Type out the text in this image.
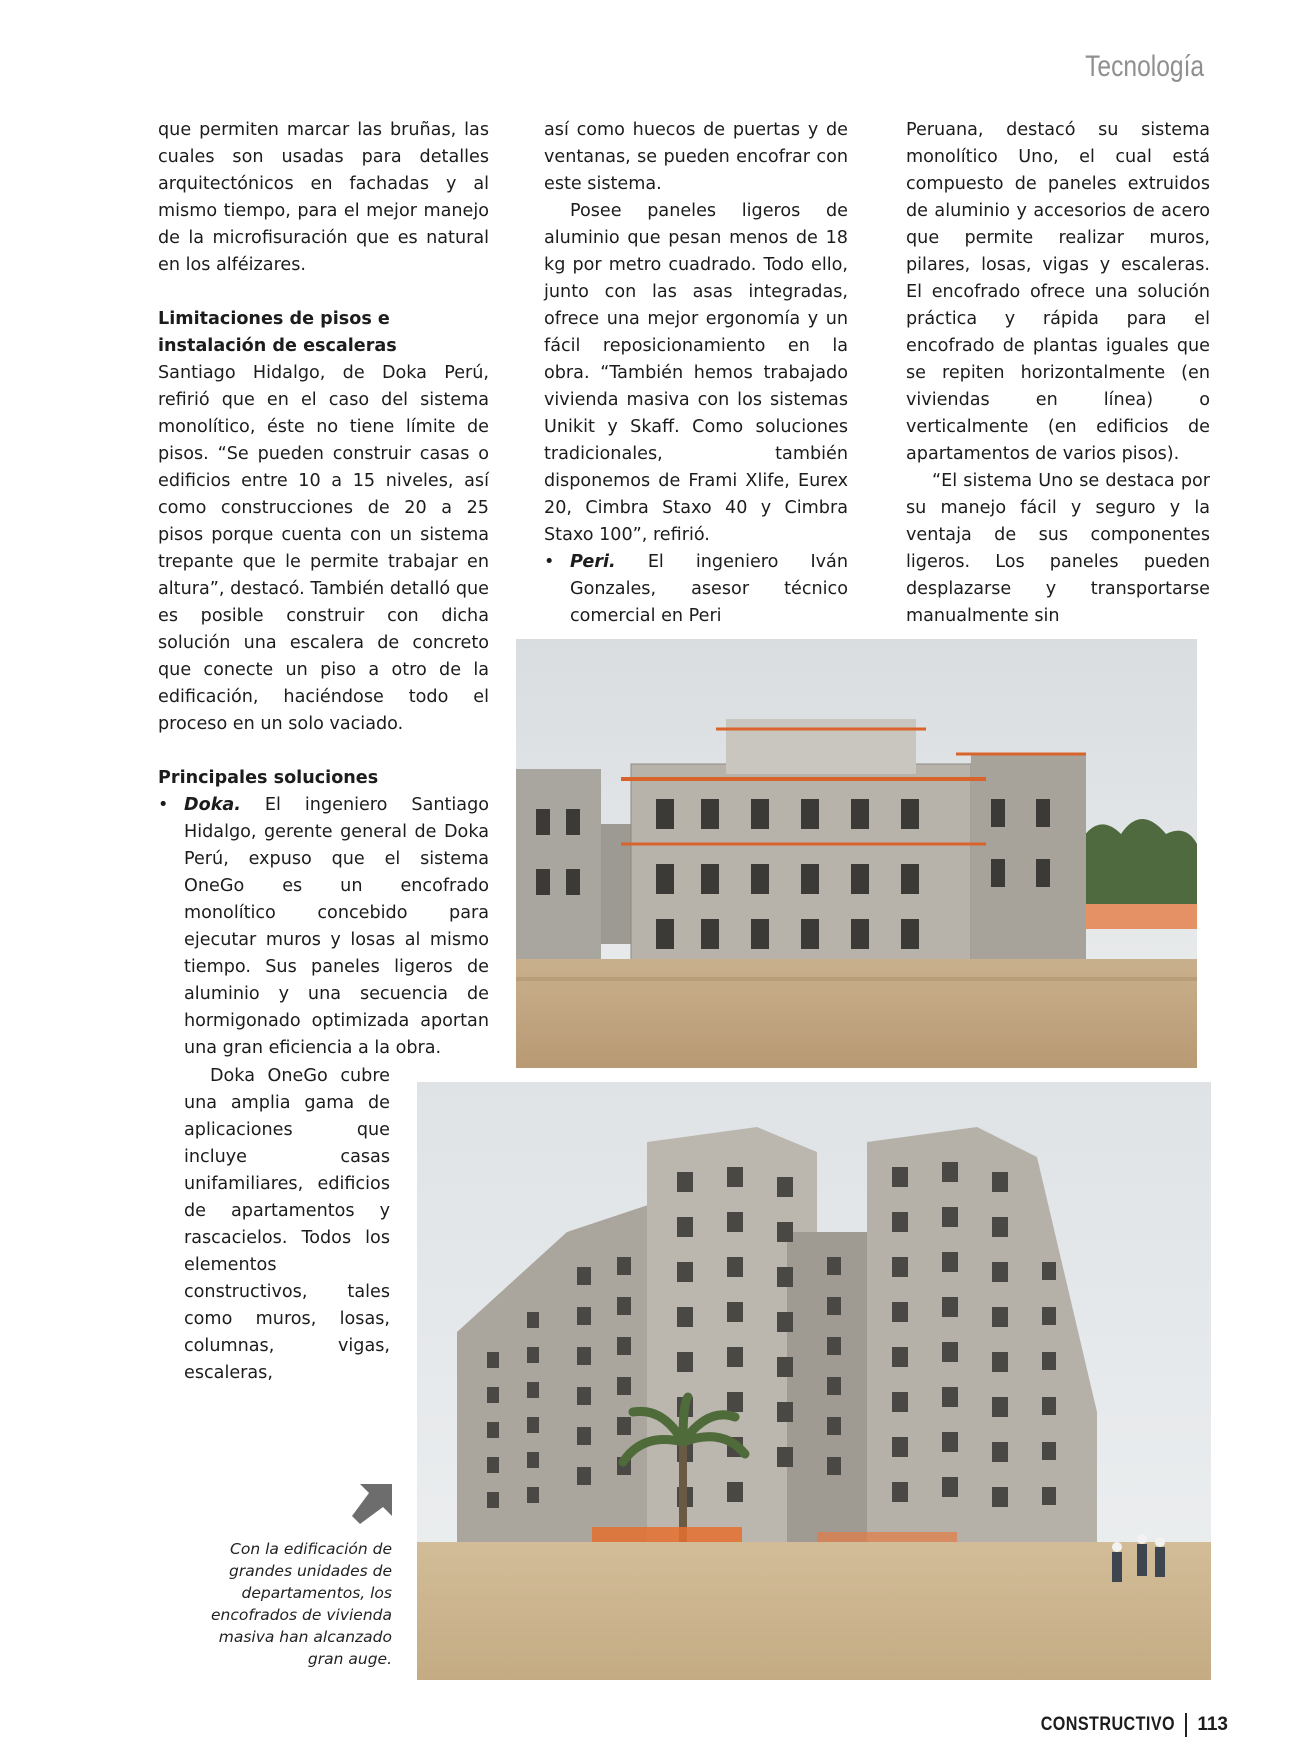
Tecnología

que permiten marcar las bruñas, las cuales son usadas para detalles arquitectónicos en fachadas y al mismo tiempo, para el mejor manejo de la microfisuración que es natural en los alféizares.

Limitaciones de pisos e instalación de escaleras

Santiago Hidalgo, de Doka Perú, refirió que en el caso del sistema monolítico, éste no tiene límite de pisos. “Se pueden construir casas o edificios entre 10 a 15 niveles, así como construcciones de 20 a 25 pisos porque cuenta con un sistema trepante que le permite trabajar en altura”, destacó. También detalló que es posible construir con dicha solución una escalera de concreto que conecte un piso a otro de la edificación, haciéndose todo el proceso en un solo vaciado.

Principales soluciones

• Doka. El ingeniero Santiago Hidalgo, gerente general de Doka Perú, expuso que el sistema OneGo es un encofrado monolítico concebido para ejecutar muros y losas al mismo tiempo. Sus paneles ligeros de aluminio y una secuencia de hormigonado optimizada aportan una gran eficiencia a la obra.

Doka OneGo cubre una amplia gama de aplicaciones que incluye casas unifamiliares, edificios de apartamentos y rascacielos. Todos los elementos constructivos, tales como muros, losas, columnas, vigas, escaleras,

así como huecos de puertas y de ventanas, se pueden encofrar con este sistema.

Posee paneles ligeros de aluminio que pesan menos de 18 kg por metro cuadrado. Todo ello, junto con las asas integradas, ofrece una mejor ergonomía y un fácil reposicionamiento en la obra. “También hemos trabajado vivienda masiva con los sistemas Unikit y Skaff. Como soluciones tradicionales, también disponemos de Frami Xlife, Eurex 20, Cimbra Staxo 40 y Cimbra Staxo 100”, refirió.

• Peri. El ingeniero Iván Gonzales, asesor técnico comercial en Peri

Peruana, destacó su sistema monolítico Uno, el cual está compuesto de paneles extruidos de aluminio y accesorios de acero que permite realizar muros, pilares, losas, vigas y escaleras. El encofrado ofrece una solución práctica y rápida para el encofrado de plantas iguales que se repiten horizontalmente (en viviendas en línea) o verticalmente (en edificios de apartamentos de varios pisos).

“El sistema Uno se destaca por su manejo fácil y seguro y la ventaja de sus componentes ligeros. Los paneles pueden desplazarse y transportarse manualmente sin

Con la edificación de grandes unidades de departamentos, los encofrados de vivienda masiva han alcanzado gran auge.
CONSTRUCTIVO 113
